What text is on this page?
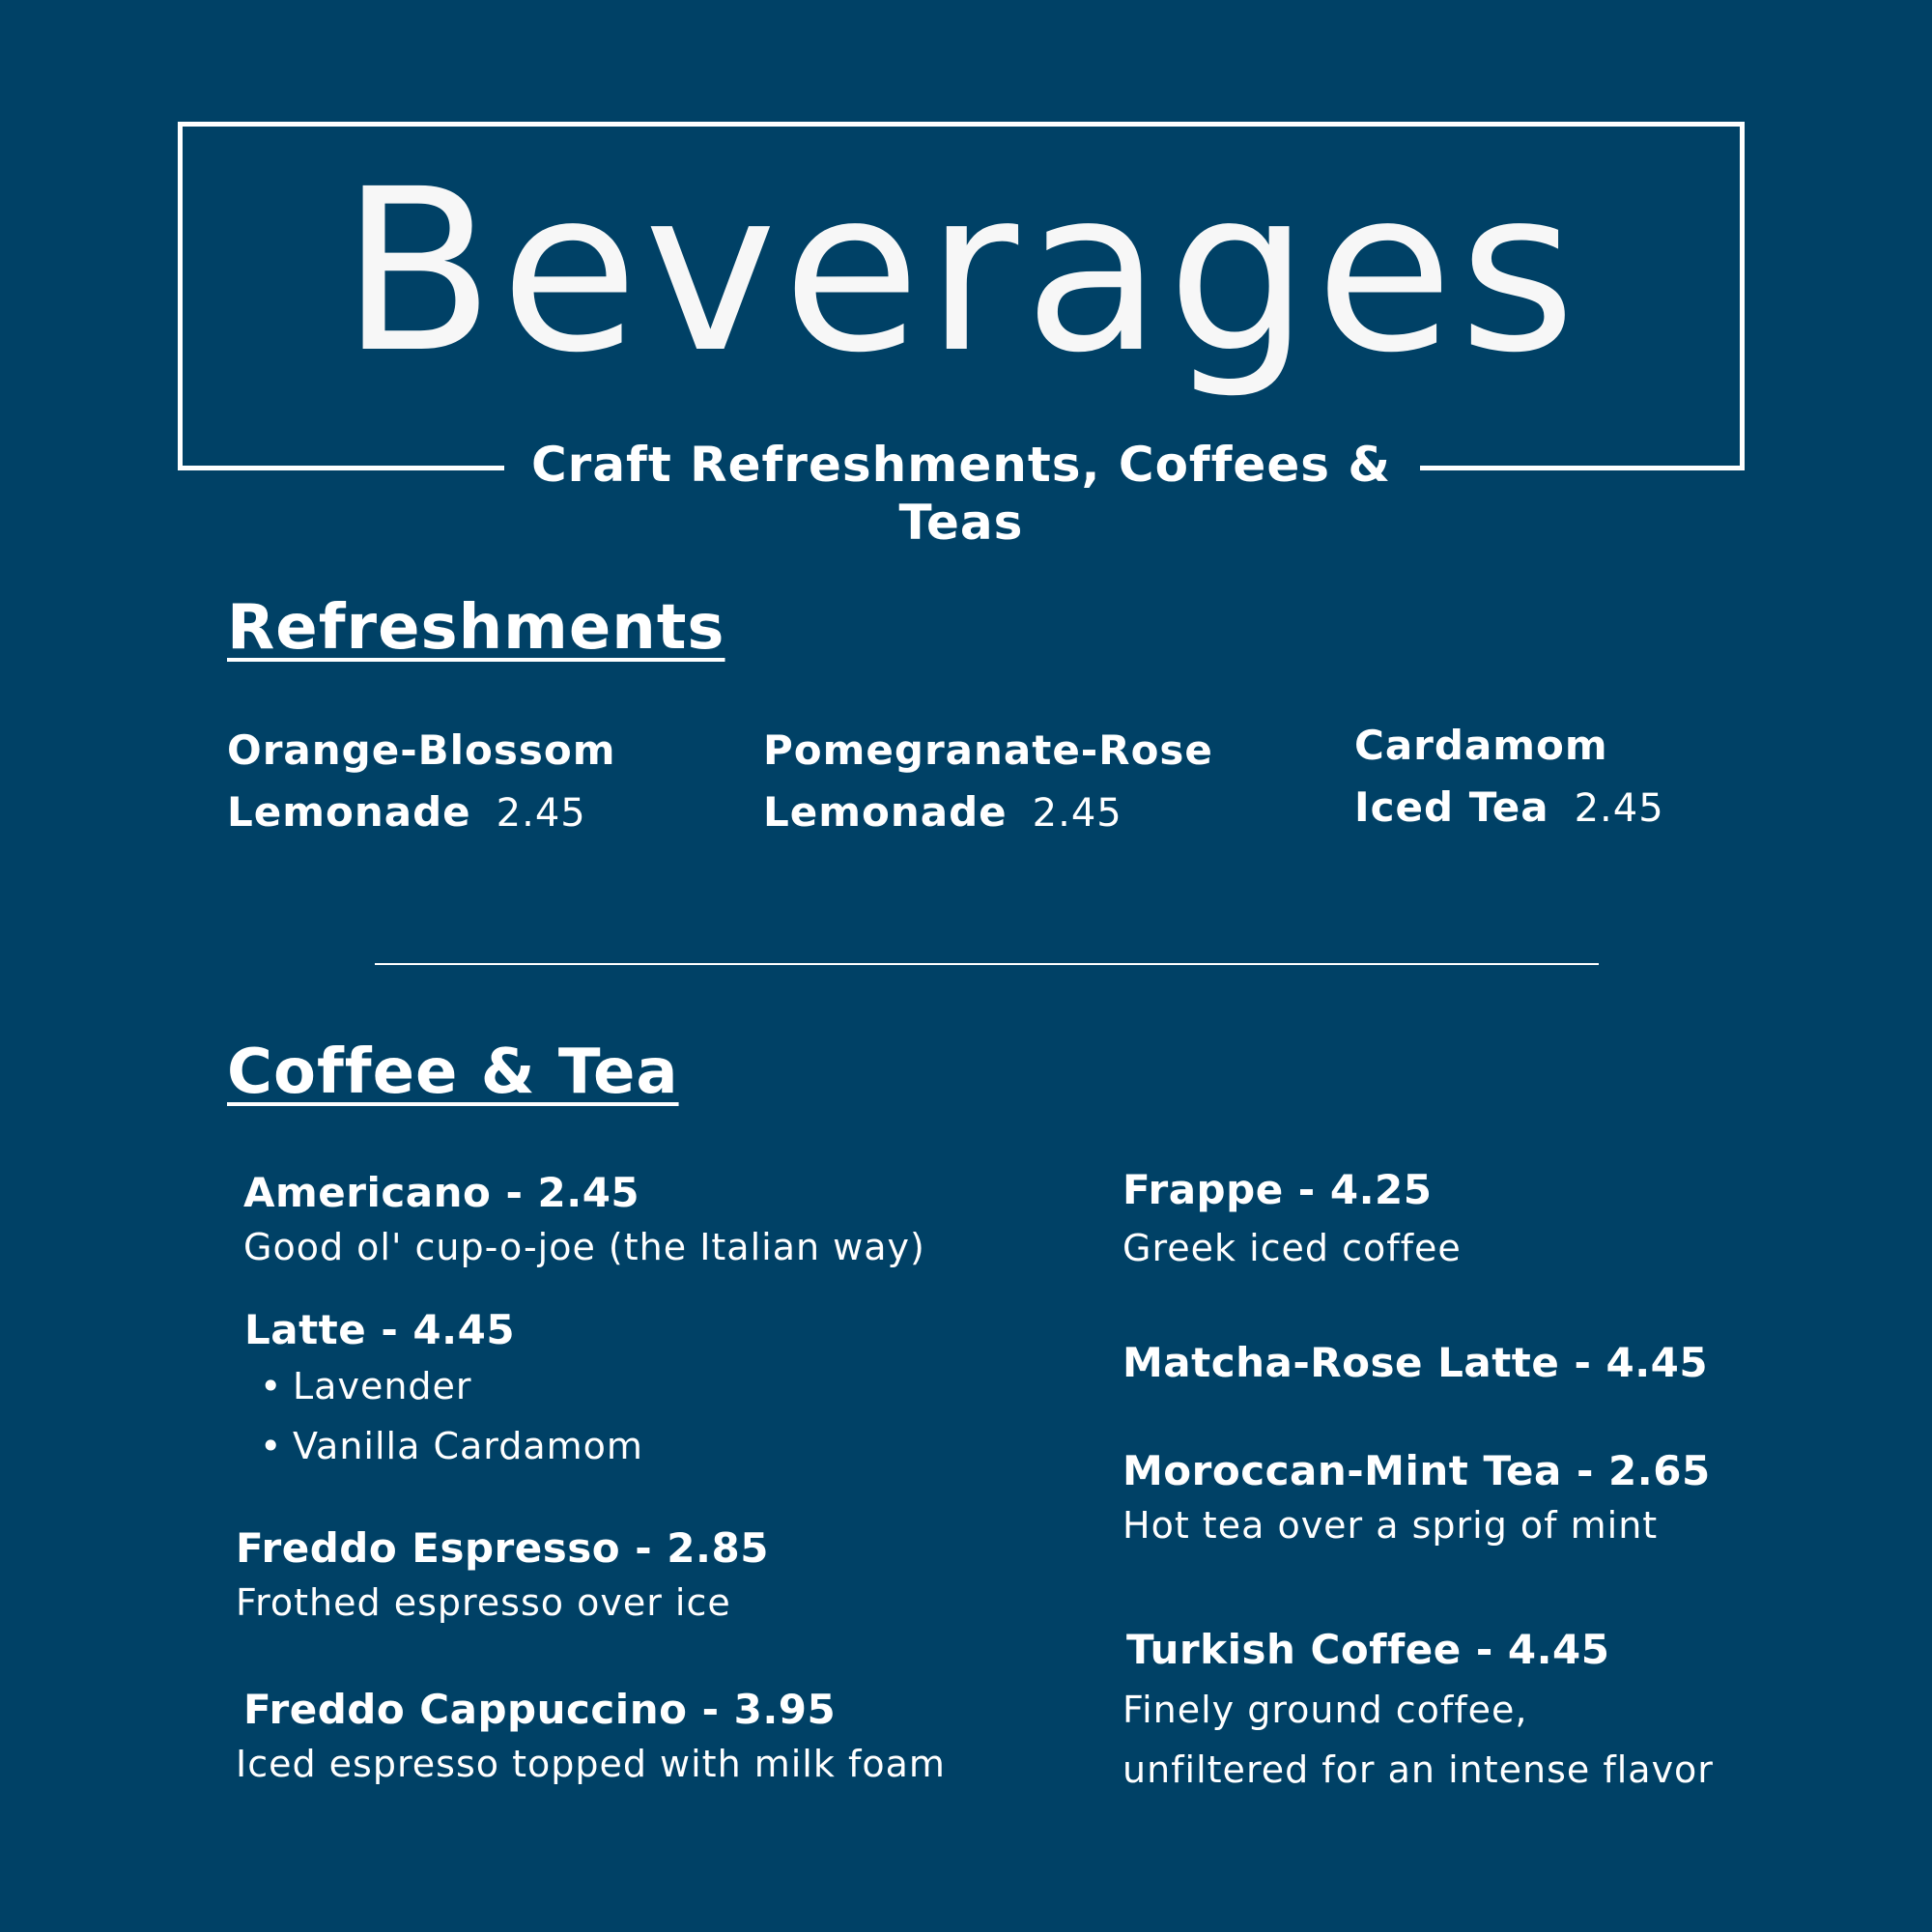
Beverages
Craft Refreshments, Coffees & Teas
Refreshments
Orange-Blossom
Lemonade 2.45
Pomegranate-Rose
Lemonade 2.45
Cardamom
Iced Tea 2.45
Coffee & Tea
Americano - 2.45
Good ol' cup-o-joe (the Italian way)
Latte - 4.45
• Lavender
• Vanilla Cardamom
Freddo Espresso - 2.85
Frothed espresso over ice
Freddo Cappuccino - 3.95
Iced espresso topped with milk foam
Frappe - 4.25
Greek iced coffee
Matcha-Rose Latte - 4.45
Moroccan-Mint Tea - 2.65
Hot tea over a sprig of mint
Turkish Coffee - 4.45
Finely ground coffee,
unfiltered for an intense flavor
